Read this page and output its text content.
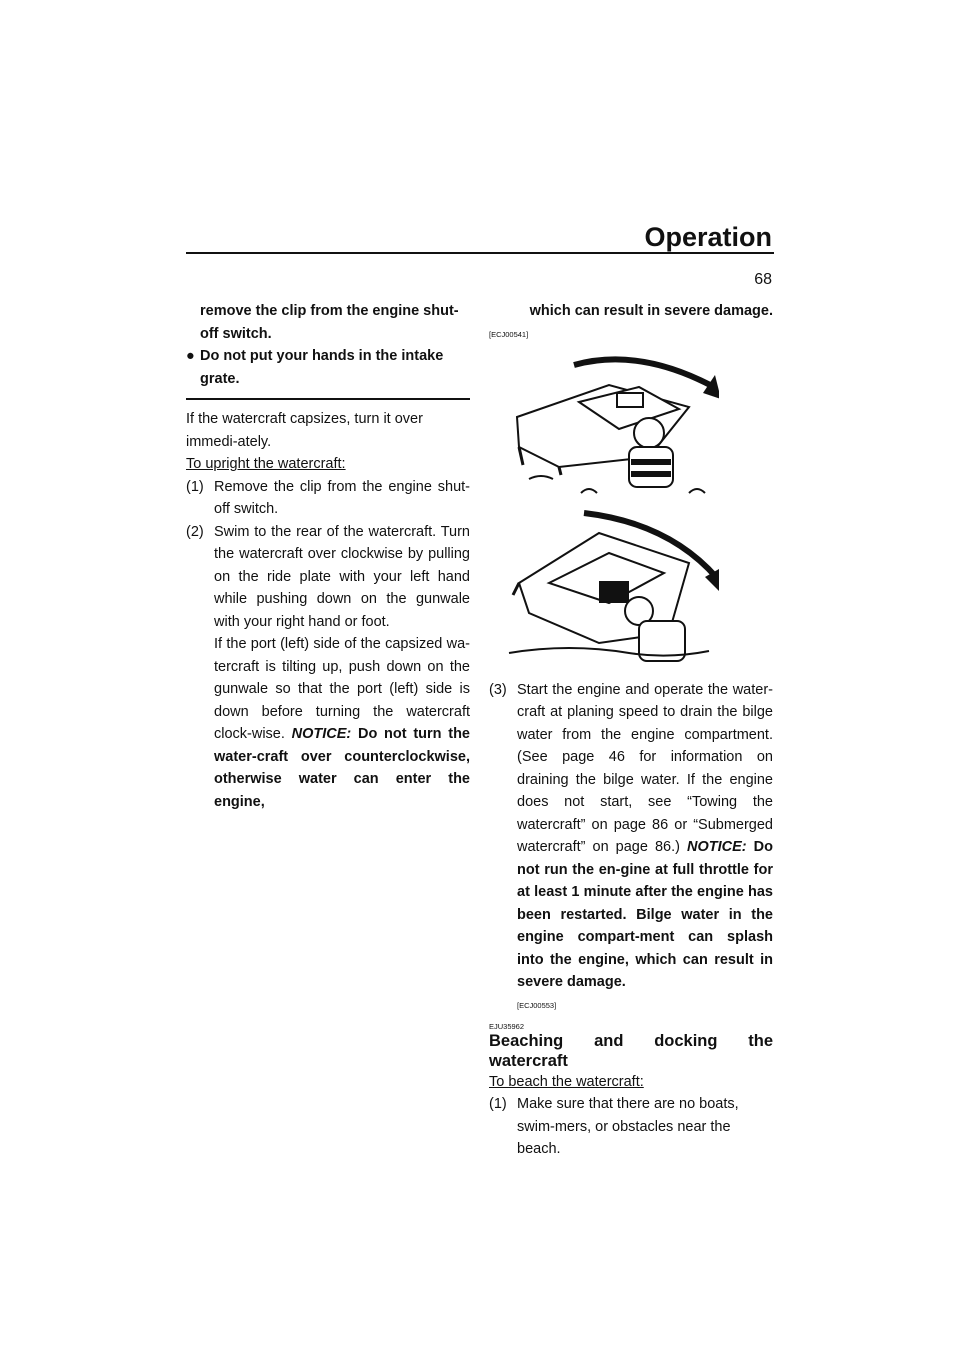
Operation
68

remove the clip from the engine shut-off switch.

● Do not put your hands in the intake grate.

If the watercraft capsizes, turn it over immedi-ately.

To upright the watercraft:

(1) Remove the clip from the engine shut-off switch.
(2) Swim to the rear of the watercraft. Turn the watercraft over clockwise by pulling on the ride plate with your left hand while pushing down on the gunwale with your right hand or foot.
If the port (left) side of the capsized wa-tercraft is tilting up, push down on the gunwale so that the port (left) side is down before turning the watercraft clock-wise. NOTICE: Do not turn the water-craft over counterclockwise, otherwise water can enter the engine,

which can result in severe damage.

[ECJ00541]
(3) Start the engine and operate the water-craft at planing speed to drain the bilge water from the engine compartment. (See page 46 for information on draining the bilge water. If the engine does not start, see “Towing the watercraft” on page 86 or “Submerged watercraft” on page 86.) NOTICE: Do not run the en-gine at full throttle for at least 1 minute after the engine has been restarted. Bilge water in the engine compart-ment can splash into the engine, which can result in severe damage.
[ECJ00553]
EJU35962
Beaching and docking the watercraft

To beach the watercraft:

(1) Make sure that there are no boats, swim-mers, or obstacles near the beach.
